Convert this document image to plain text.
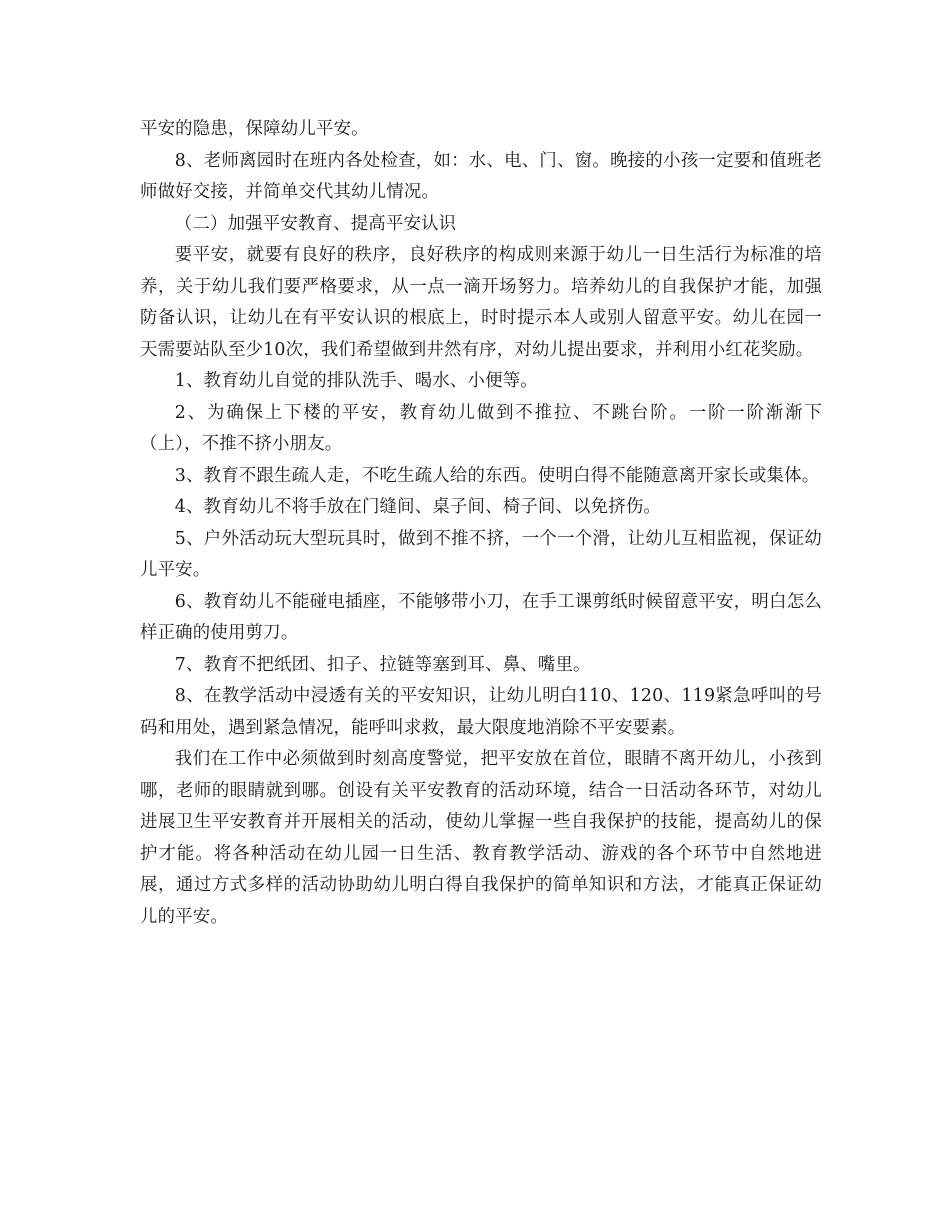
平安的隐患，保障幼儿平安。

8、老师离园时在班内各处检查，如：水、电、门、窗。晚接的小孩一定要和值班老师做好交接，并简单交代其幼儿情况。

（二）加强平安教育、提高平安认识

要平安，就要有良好的秩序，良好秩序的构成则来源于幼儿一日生活行为标准的培养，关于幼儿我们要严格要求，从一点一滴开场努力。培养幼儿的自我保护才能，加强防备认识，让幼儿在有平安认识的根底上，时时提示本人或别人留意平安。幼儿在园一天需要站队至少10次，我们希望做到井然有序，对幼儿提出要求，并利用小红花奖励。

1、教育幼儿自觉的排队洗手、喝水、小便等。

2、为确保上下楼的平安，教育幼儿做到不推拉、不跳台阶。一阶一阶渐渐下（上），不推不挤小朋友。

3、教育不跟生疏人走，不吃生疏人给的东西。使明白得不能随意离开家长或集体。

4、教育幼儿不将手放在门缝间、桌子间、椅子间、以免挤伤。

5、户外活动玩大型玩具时，做到不推不挤，一个一个滑，让幼儿互相监视，保证幼儿平安。

6、教育幼儿不能碰电插座，不能够带小刀，在手工课剪纸时候留意平安，明白怎么样正确的使用剪刀。

7、教育不把纸团、扣子、拉链等塞到耳、鼻、嘴里。

8、在教学活动中浸透有关的平安知识，让幼儿明白110、120、119紧急呼叫的号码和用处，遇到紧急情况，能呼叫求救，最大限度地消除不平安要素。

我们在工作中必须做到时刻高度警觉，把平安放在首位，眼睛不离开幼儿，小孩到哪，老师的眼睛就到哪。创设有关平安教育的活动环境，结合一日活动各环节，对幼儿进展卫生平安教育并开展相关的活动，使幼儿掌握一些自我保护的技能，提高幼儿的保护才能。将各种活动在幼儿园一日生活、教育教学活动、游戏的各个环节中自然地进展，通过方式多样的活动协助幼儿明白得自我保护的简单知识和方法，才能真正保证幼儿的平安。
